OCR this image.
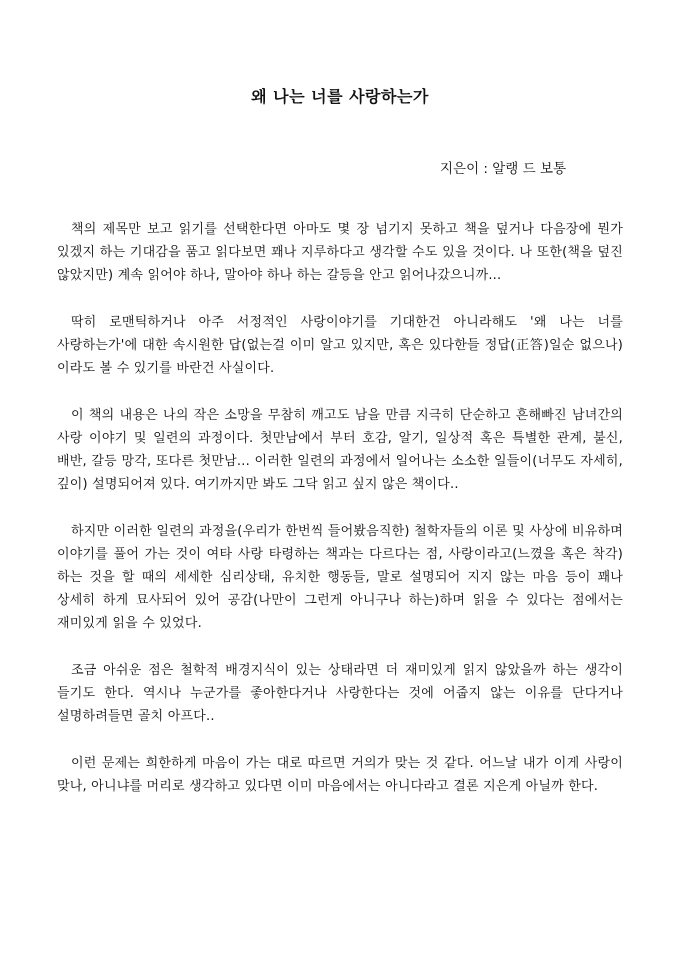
왜 나는 너를 사랑하는가

지은이 : 알랭 드 보통

책의 제목만 보고 읽기를 선택한다면 아마도 몇 장 넘기지 못하고 책을 덮거나 다음장에 뭔가 있겠지 하는 기대감을 품고 읽다보면 꽤나 지루하다고 생각할 수도 있을 것이다. 나 또한(책을 덮진 않았지만) 계속 읽어야 하나, 말아야 하나 하는 갈등을 안고 읽어나갔으니까...

딱히 로맨틱하거나 아주 서정적인 사랑이야기를 기대한건 아니라해도 '왜 나는 너를 사랑하는가'에 대한 속시원한 답(없는걸 이미 알고 있지만, 혹은 있다한들 정답(正答)일순 없으나)이라도 볼 수 있기를 바란건 사실이다.

이 책의 내용은 나의 작은 소망을 무참히 깨고도 남을 만큼 지극히 단순하고 흔해빠진 남녀간의 사랑 이야기 및 일련의 과정이다. 첫만남에서 부터 호감, 알기, 일상적 혹은 특별한 관계, 불신, 배반, 갈등 망각, 또다른 첫만남... 이러한 일련의 과정에서 일어나는 소소한 일들이(너무도 자세히,깊이) 설명되어져 있다. 여기까지만 봐도 그닥 읽고 싶지 않은 책이다..

하지만 이러한 일련의 과정을(우리가 한번씩 들어봤음직한) 철학자들의 이론 및 사상에 비유하며 이야기를 풀어 가는 것이 여타 사랑 타령하는 책과는 다르다는 점, 사랑이라고(느꼈을 혹은 착각) 하는 것을 할 때의 세세한 심리상태, 유치한 행동들, 말로 설명되어 지지 않는 마음 등이 꽤나 상세히 하게 묘사되어 있어 공감(나만이 그런게 아니구나 하는)하며 읽을 수 있다는 점에서는 재미있게 읽을 수 있었다.

조금 아쉬운 점은 철학적 배경지식이 있는 상태라면 더 재미있게 읽지 않았을까 하는 생각이 들기도 한다. 역시나 누군가를 좋아한다거나 사랑한다는 것에 어줍지 않는 이유를 단다거나 설명하려들면 골치 아프다..

이런 문제는 희한하게 마음이 가는 대로 따르면 거의가 맞는 것 같다. 어느날 내가 이게 사랑이 맞나, 아니냐를 머리로 생각하고 있다면 이미 마음에서는 아니다라고 결론 지은게 아닐까 한다.
